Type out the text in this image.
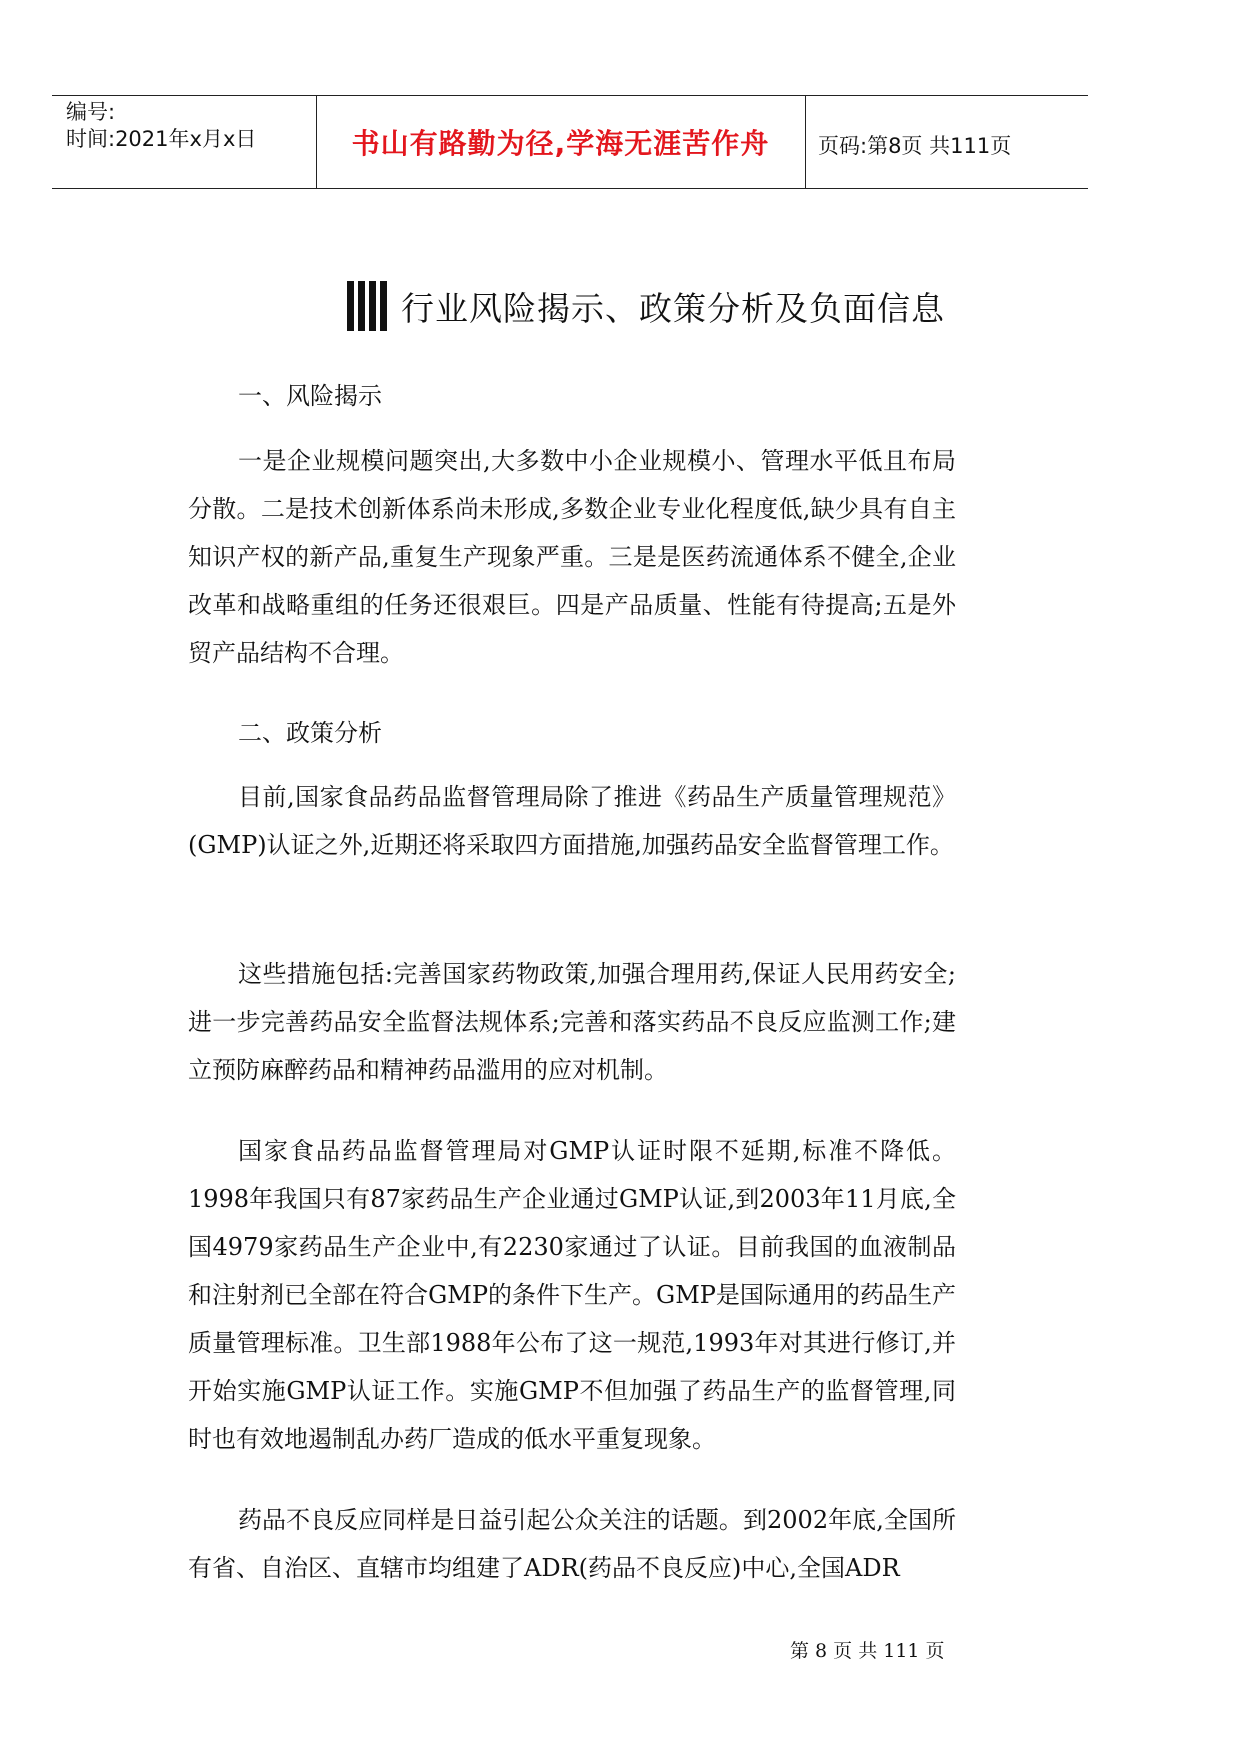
编号:
时间:2021年x月x日	书山有路勤为径,学海无涯苦作舟	页码:第8页 共111页
行业风险揭示、政策分析及负面信息
一、风险揭示
一是企业规模问题突出,大多数中小企业规模小、管理水平低且布局分散。二是技术创新体系尚未形成,多数企业专业化程度低,缺少具有自主知识产权的新产品,重复生产现象严重。三是是医药流通体系不健全,企业改革和战略重组的任务还很艰巨。四是产品质量、性能有待提高;五是外贸产品结构不合理。
二、政策分析
目前,国家食品药品监督管理局除了推进《药品生产质量管理规范》(GMP)认证之外,近期还将采取四方面措施,加强药品安全监督管理工作。
这些措施包括:完善国家药物政策,加强合理用药,保证人民用药安全;进一步完善药品安全监督法规体系;完善和落实药品不良反应监测工作;建立预防麻醉药品和精神药品滥用的应对机制。
国家食品药品监督管理局对GMP认证时限不延期,标准不降低。1998年我国只有87家药品生产企业通过GMP认证,到2003年11月底,全国4979家药品生产企业中,有2230家通过了认证。目前我国的血液制品和注射剂已全部在符合GMP的条件下生产。GMP是国际通用的药品生产质量管理标准。卫生部1988年公布了这一规范,1993年对其进行修订,并开始实施GMP认证工作。实施GMP不但加强了药品生产的监督管理,同时也有效地遏制乱办药厂造成的低水平重复现象。
药品不良反应同样是日益引起公众关注的话题。到2002年底,全国所有省、自治区、直辖市均组建了ADR(药品不良反应)中心,全国ADR
第 8 页 共 111 页
